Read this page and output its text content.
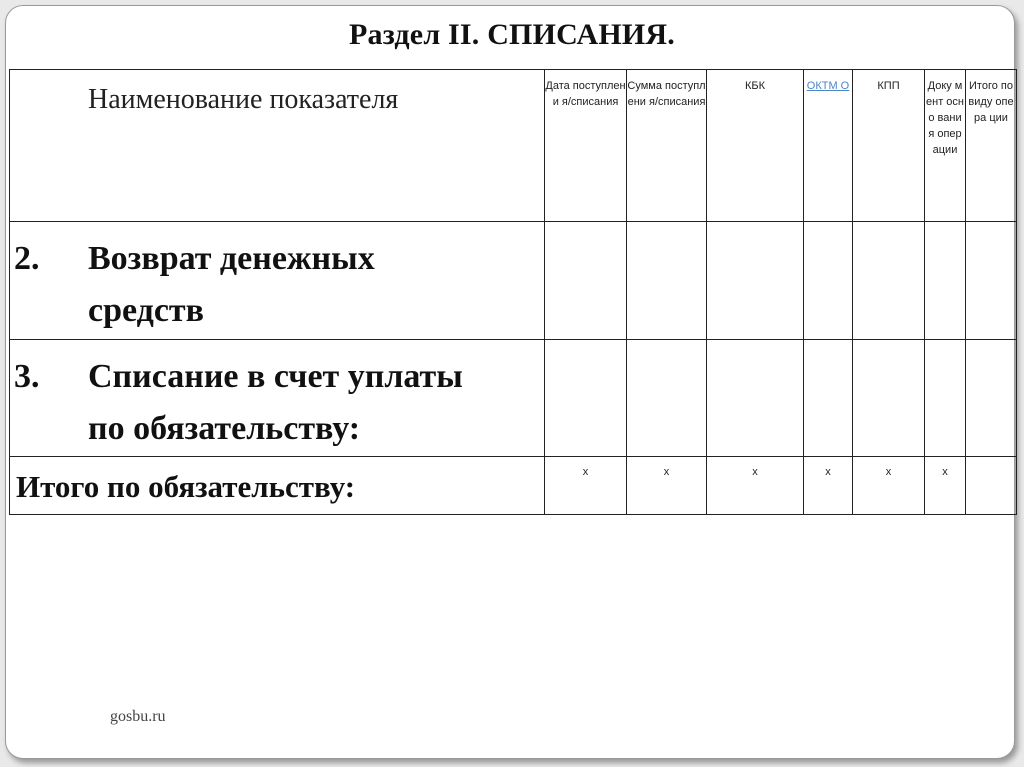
Раздел II. СПИСАНИЯ.
Наименование показателя	Дата поступлени я/списания	Сумма поступлени я/списания	КБК	ОКТМ О	КПП	Доку мент осно вани я опер ации	Итого по виду опера ции

2. Возврат денежных
средств							

3. Списание в счет уплаты
по обязательству:							

Итого по обязательству:	x	x	x	x	x	x	
gosbu.ru
